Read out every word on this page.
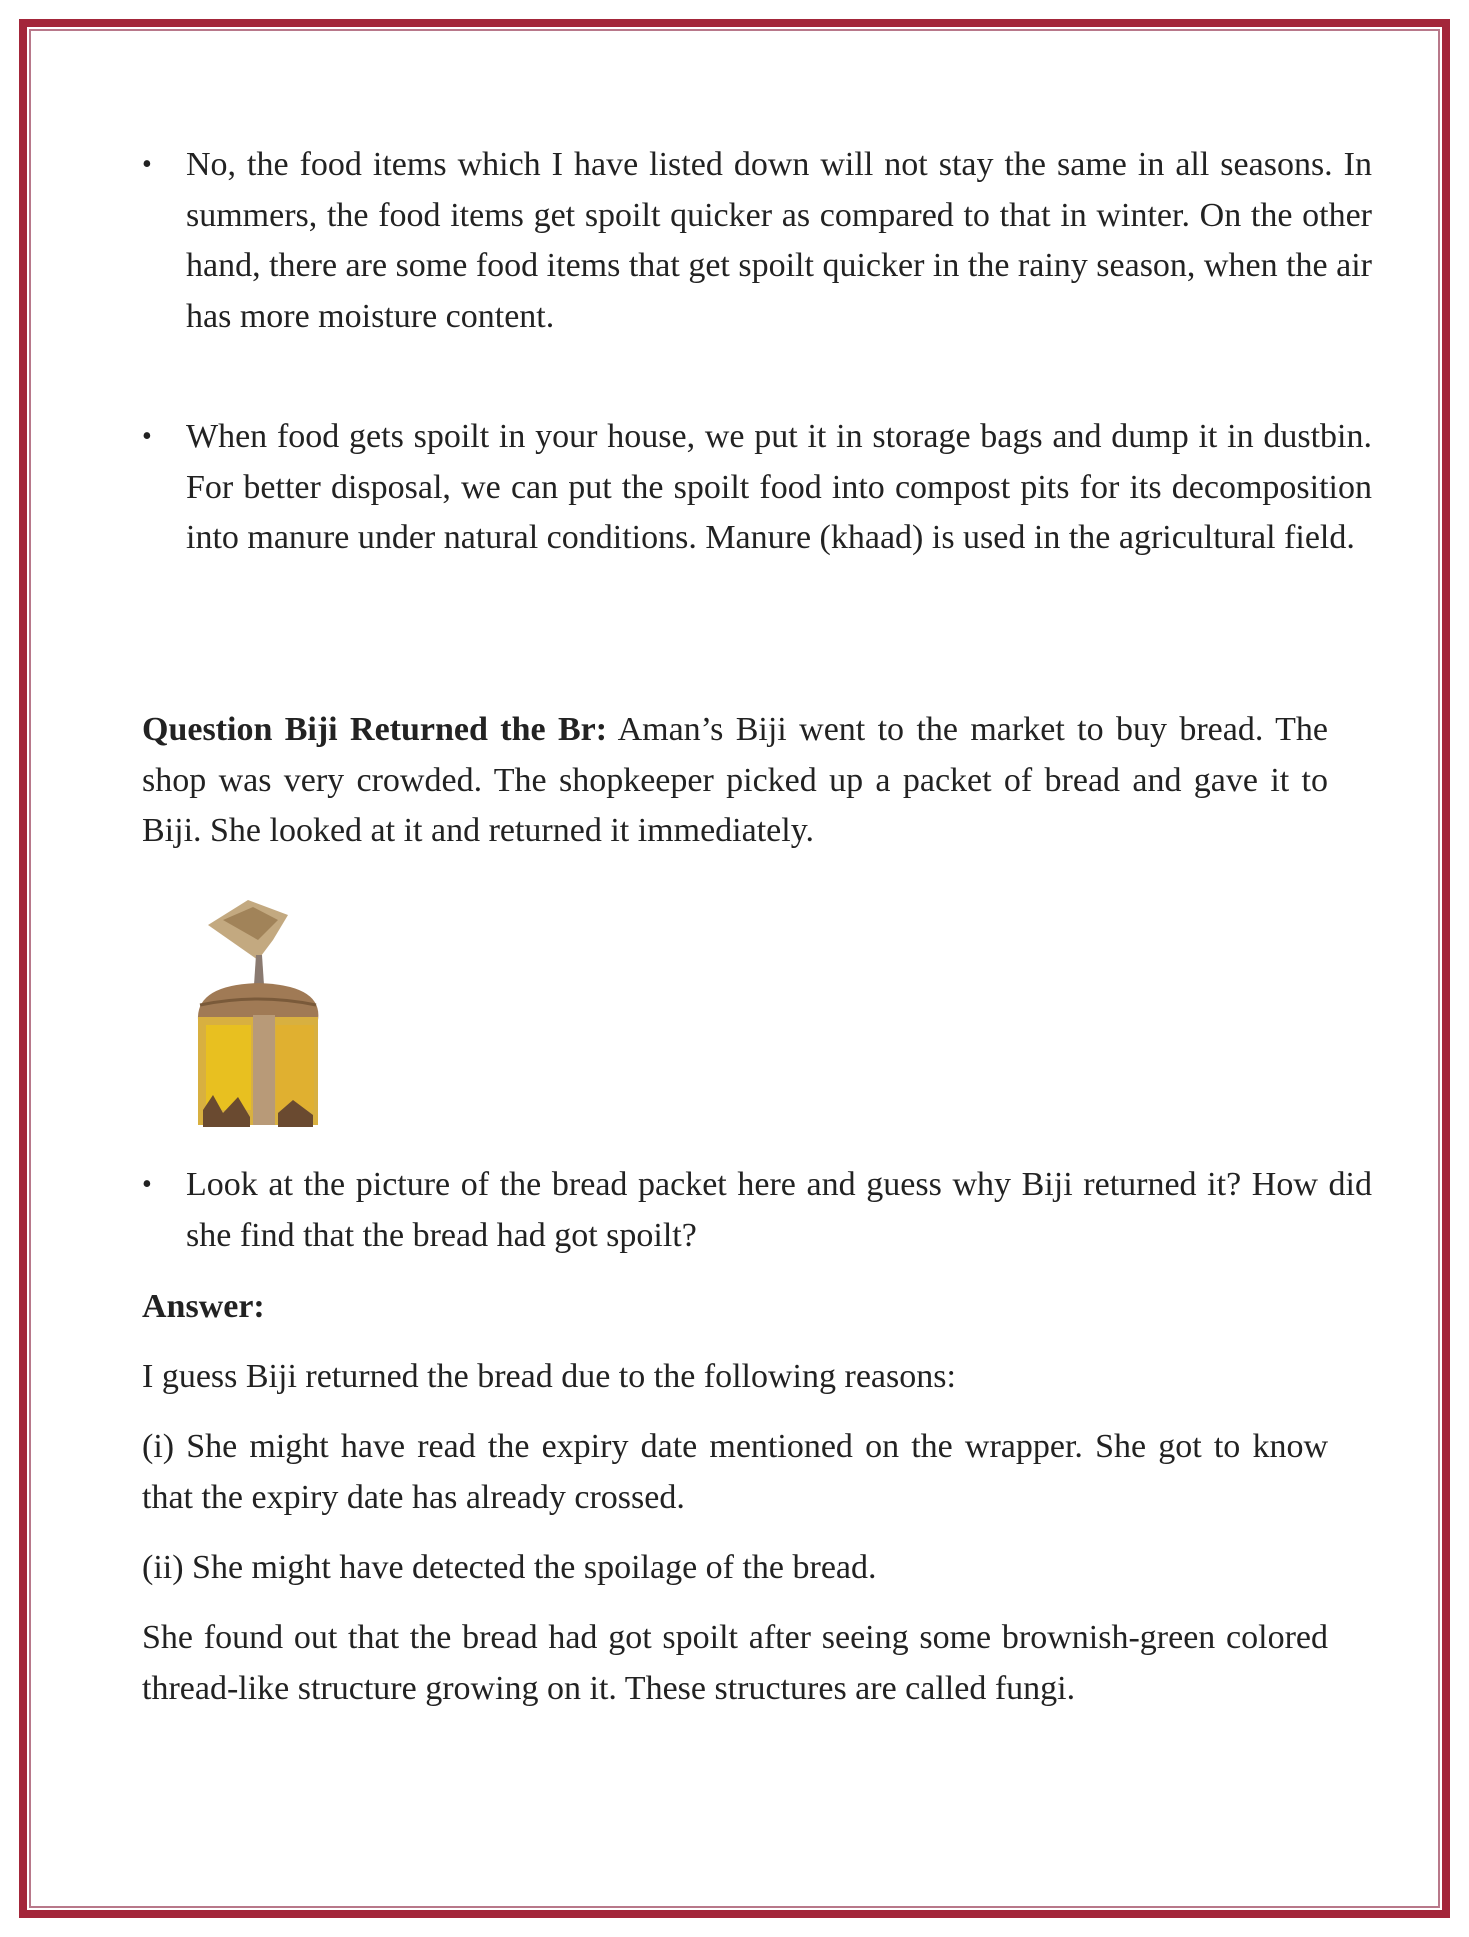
• No, the food items which I have listed down will not stay the same in all seasons. In summers, the food items get spoilt quicker as compared to that in winter. On the other hand, there are some food items that get spoilt quicker in the rainy season, when the air has more moisture content.

• When food gets spoilt in your house, we put it in storage bags and dump it in dustbin. For better disposal, we can put the spoilt food into compost pits for its decomposition into manure under natural conditions. Manure (khaad) is used in the agricultural field.

Question Biji Returned the Br: Aman’s Biji went to the market to buy bread. The shop was very crowded. The shopkeeper picked up a packet of bread and gave it to Biji. She looked at it and returned it immediately.
• Look at the picture of the bread packet here and guess why Biji returned it? How did she find that the bread had got spoilt?

Answer:
I guess Biji returned the bread due to the following reasons:
(i) She might have read the expiry date mentioned on the wrapper. She got to know that the expiry date has already crossed.
(ii) She might have detected the spoilage of the bread.
She found out that the bread had got spoilt after seeing some brownish-green colored thread-like structure growing on it. These structures are called fungi.
